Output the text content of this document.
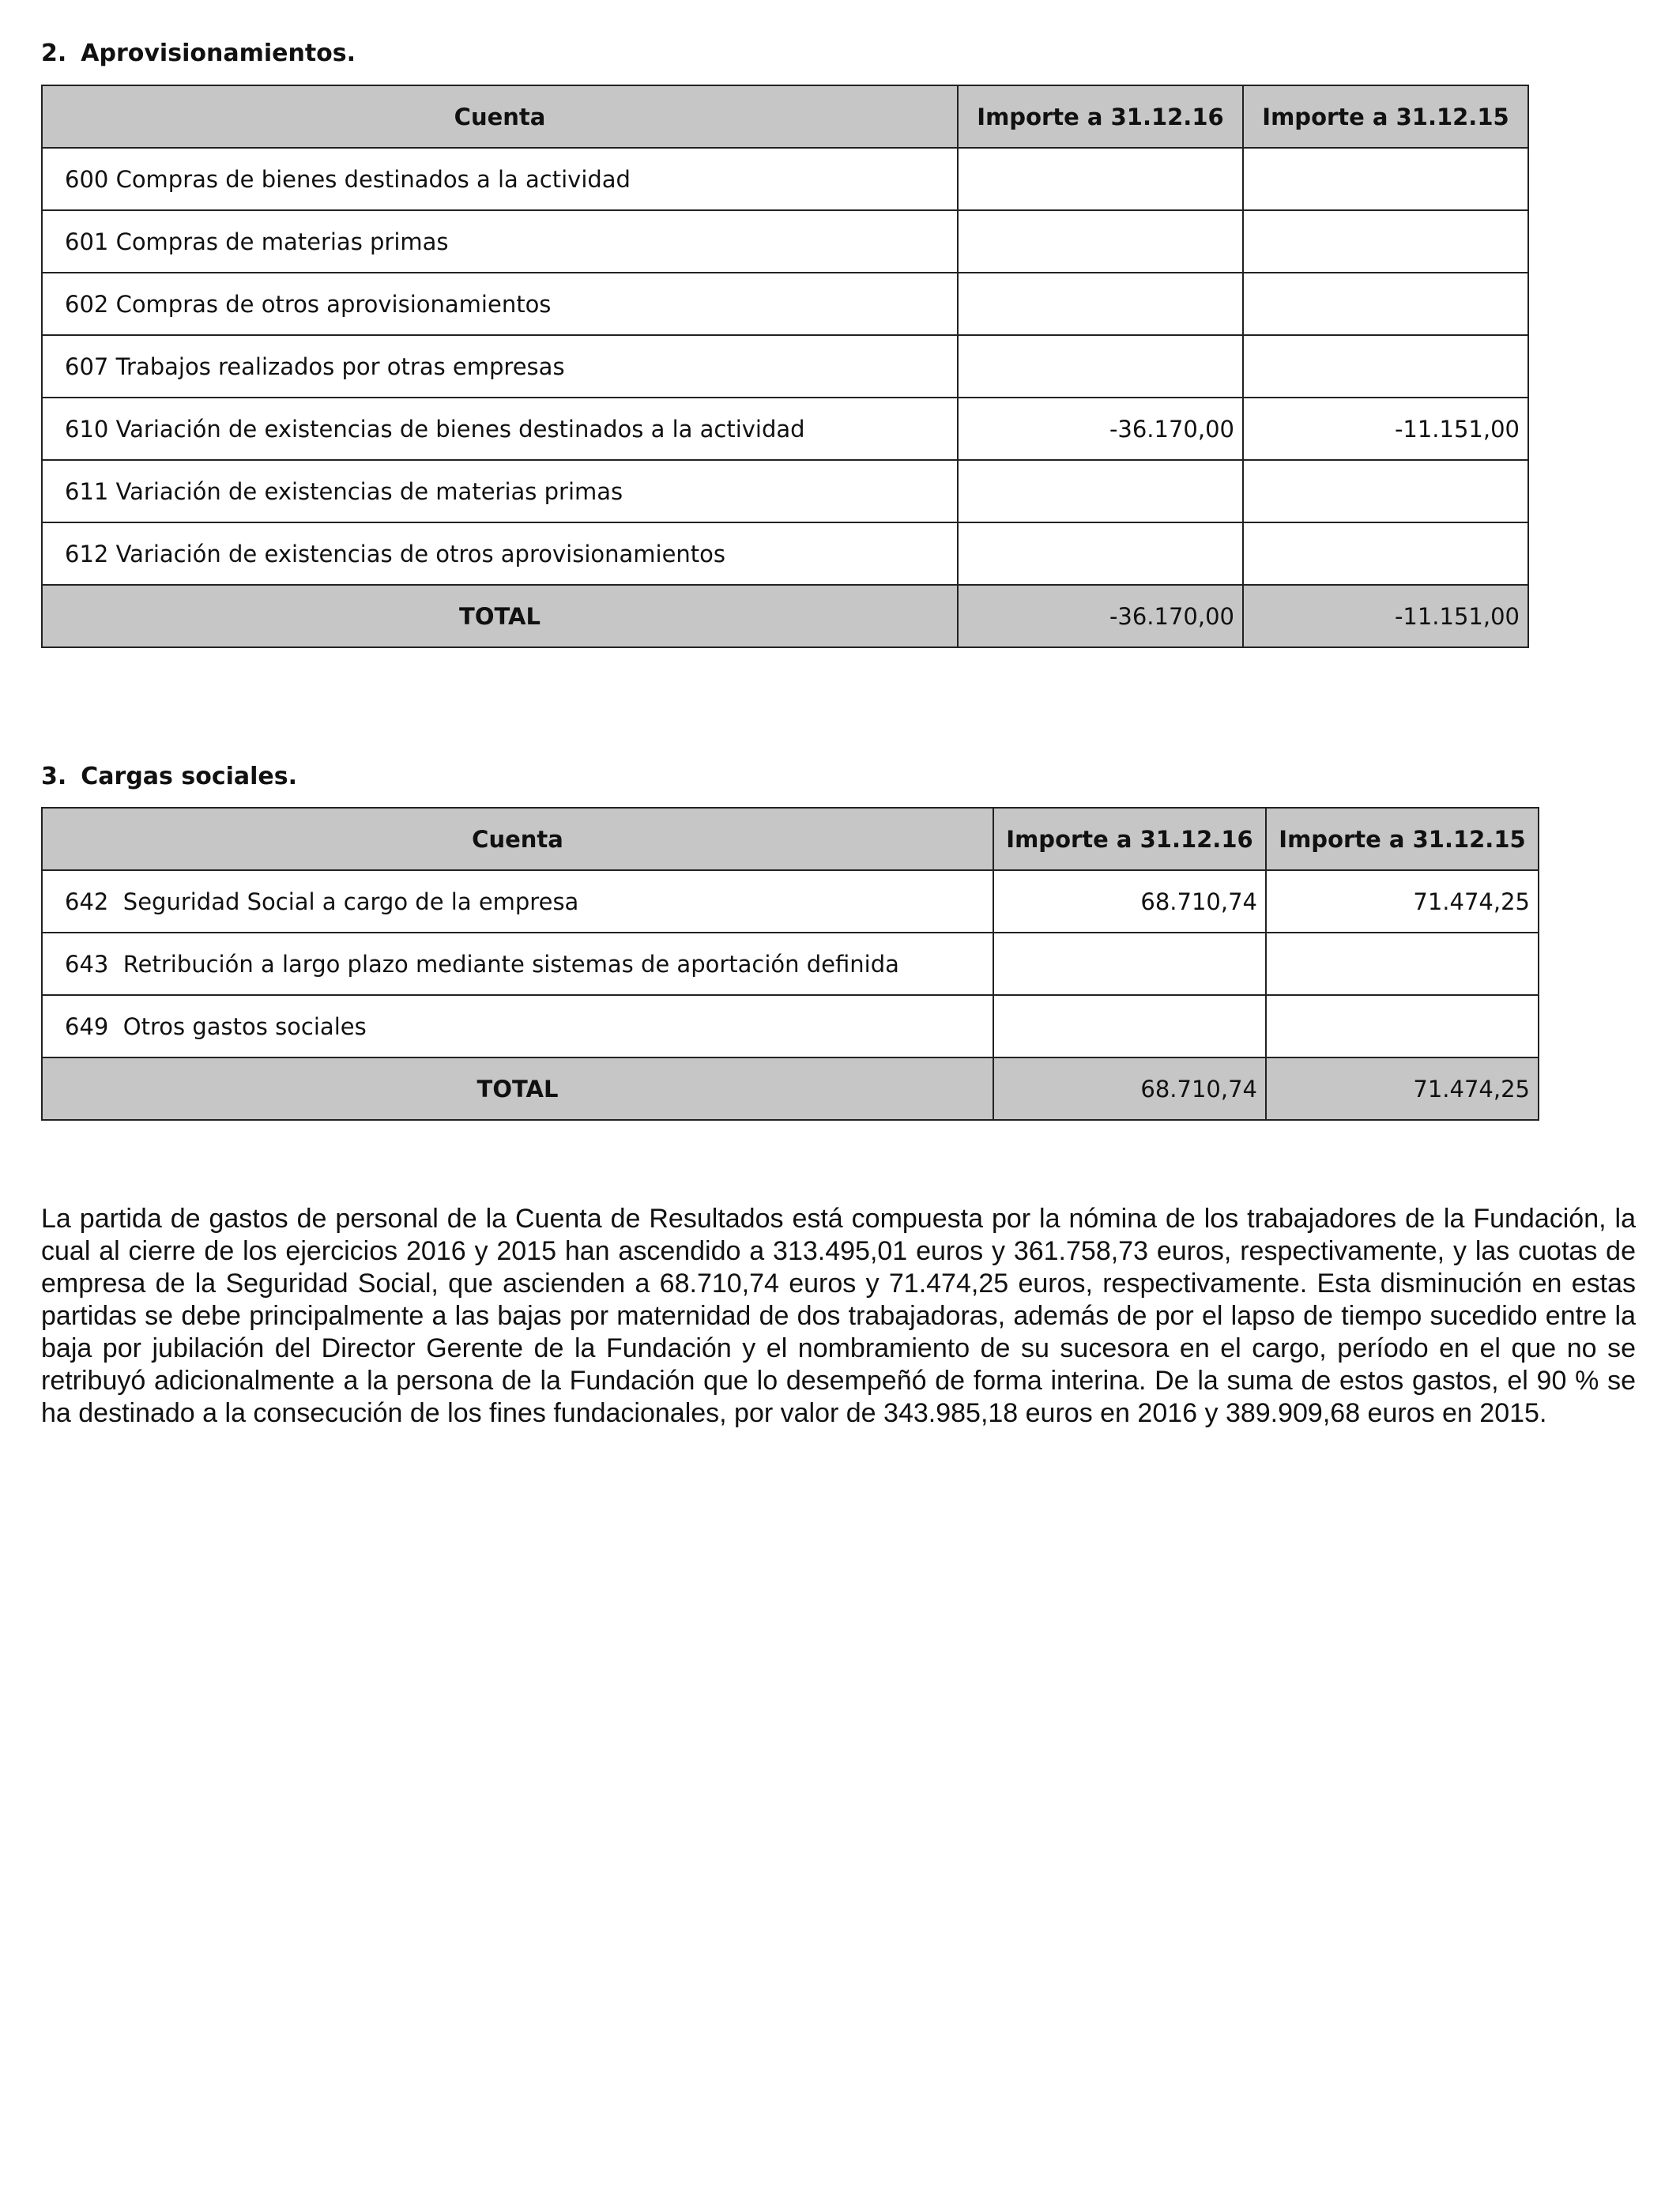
2. Aprovisionamientos.
Cuenta	Importe a 31.12.16	Importe a 31.12.15
600 Compras de bienes destinados a la actividad		
601 Compras de materias primas		
602 Compras de otros aprovisionamientos		
607 Trabajos realizados por otras empresas		
610 Variación de existencias de bienes destinados a la actividad	-36.170,00	-11.151,00
611 Variación de existencias de materias primas		
612 Variación de existencias de otros aprovisionamientos		
TOTAL	-36.170,00	-11.151,00
3. Cargas sociales.
Cuenta	Importe a 31.12.16	Importe a 31.12.15
642  Seguridad Social a cargo de la empresa	68.710,74	71.474,25
643  Retribución a largo plazo mediante sistemas de aportación definida		
649  Otros gastos sociales		
TOTAL	68.710,74	71.474,25

La partida de gastos de personal de la Cuenta de Resultados está compuesta por la nómina de los trabajadores de la Fundación, la cual al cierre de los ejercicios 2016 y 2015 han ascendido a 313.495,01 euros y 361.758,73 euros, respectivamente, y las cuotas de empresa de la Seguridad Social, que ascienden a 68.710,74 euros y 71.474,25 euros, respectivamente. Esta disminución en estas partidas se debe principalmente a las bajas por maternidad de dos trabajadoras, además de por el lapso de tiempo sucedido entre la baja por jubilación del Director Gerente de la Fundación y el nombramiento de su sucesora en el cargo, período en el que no se retribuyó adicionalmente a la persona de la Fundación que lo desempeñó de forma interina. De la suma de estos gastos, el 90 % se ha destinado a la consecución de los fines fundacionales, por valor de 343.985,18 euros en 2016 y 389.909,68 euros en 2015.
